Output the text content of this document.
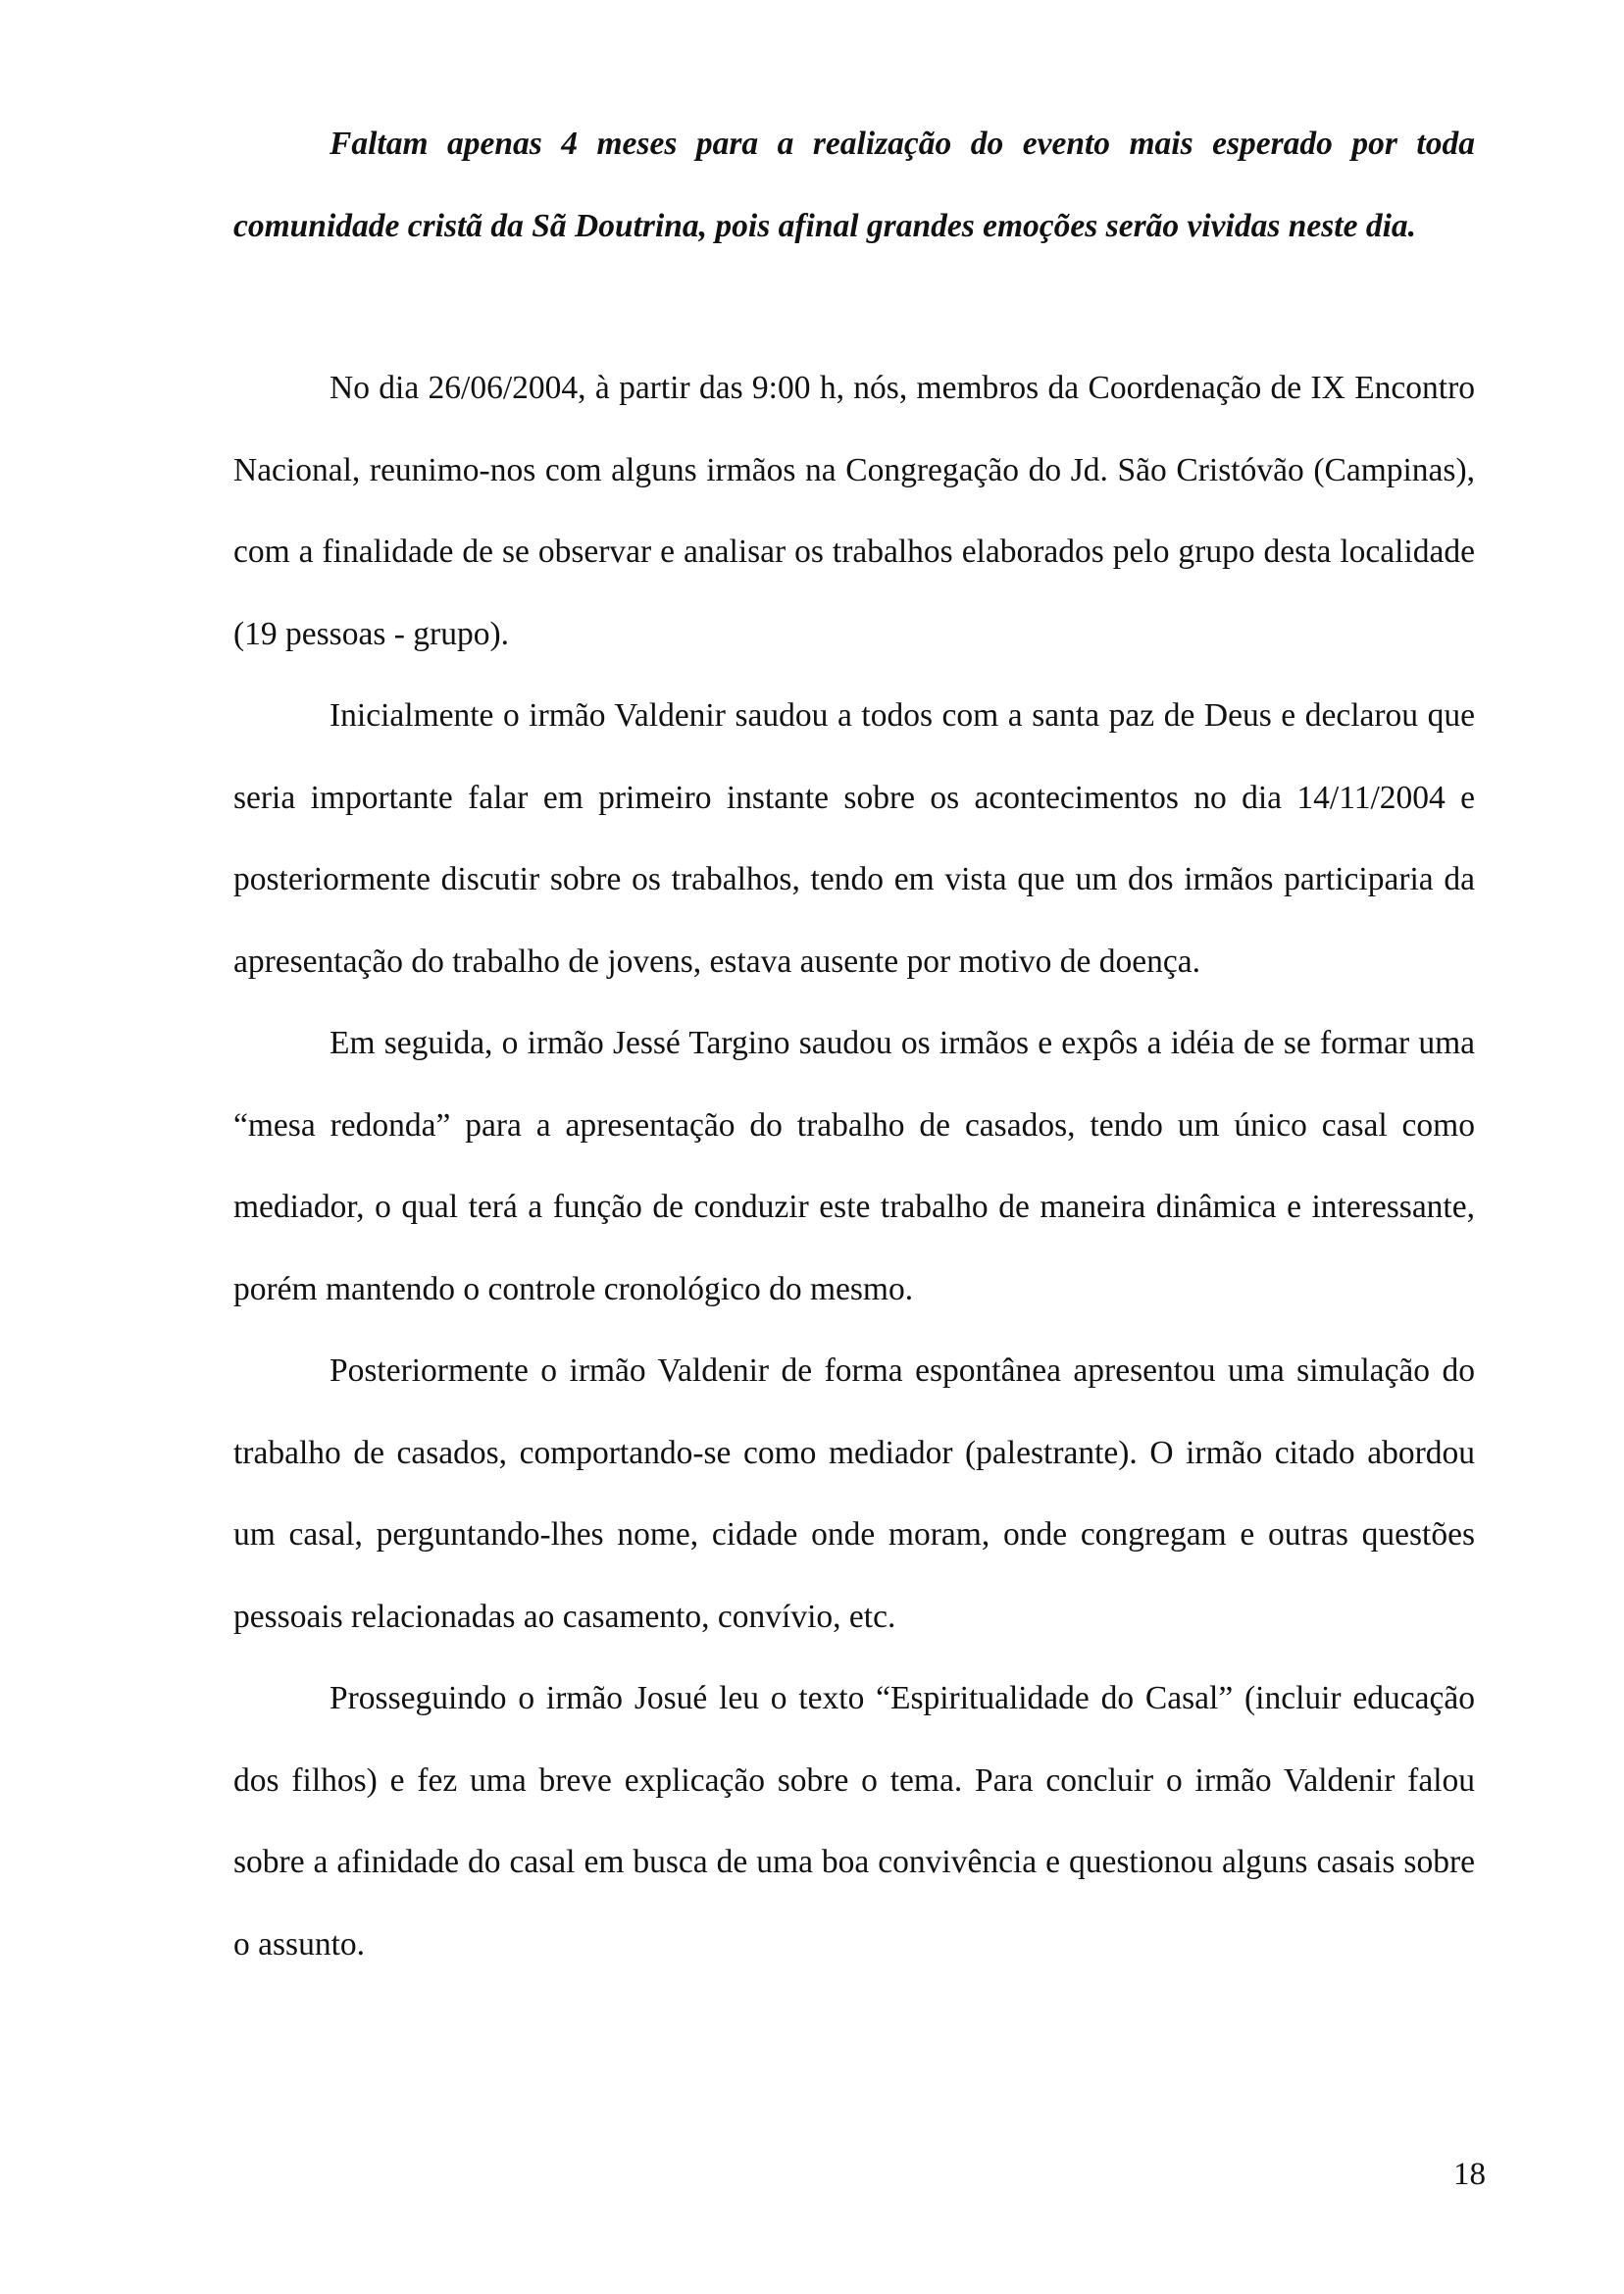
Faltam apenas 4 meses para a realização do evento mais esperado por toda comunidade cristã da Sã Doutrina, pois afinal grandes emoções serão vividas neste dia.

No dia 26/06/2004, à partir das 9:00 h, nós, membros da Coordenação de IX Encontro Nacional, reunimo-nos com alguns irmãos na Congregação do Jd. São Cristóvão (Campinas), com a finalidade de se observar e analisar os trabalhos elaborados pelo grupo desta localidade (19 pessoas - grupo).

Inicialmente o irmão Valdenir saudou a todos com a santa paz de Deus e declarou que seria importante falar em primeiro instante sobre os acontecimentos no dia 14/11/2004 e posteriormente discutir sobre os trabalhos, tendo em vista que um dos irmãos participaria da apresentação do trabalho de jovens, estava ausente por motivo de doença.

Em seguida, o irmão Jessé Targino saudou os irmãos e expôs a idéia de se formar uma “mesa redonda” para a apresentação do trabalho de casados, tendo um único casal como mediador, o qual terá a função de conduzir este trabalho de maneira dinâmica e interessante, porém mantendo o controle cronológico do mesmo.

Posteriormente o irmão Valdenir de forma espontânea apresentou uma simulação do trabalho de casados, comportando-se como mediador (palestrante). O irmão citado abordou um casal, perguntando-lhes nome, cidade onde moram, onde congregam e outras questões pessoais relacionadas ao casamento, convívio, etc.

Prosseguindo o irmão Josué leu o texto “Espiritualidade do Casal” (incluir educação dos filhos) e fez uma breve explicação sobre o tema. Para concluir o irmão Valdenir falou sobre a afinidade do casal em busca de uma boa convivência e questionou alguns casais sobre o assunto.

18
